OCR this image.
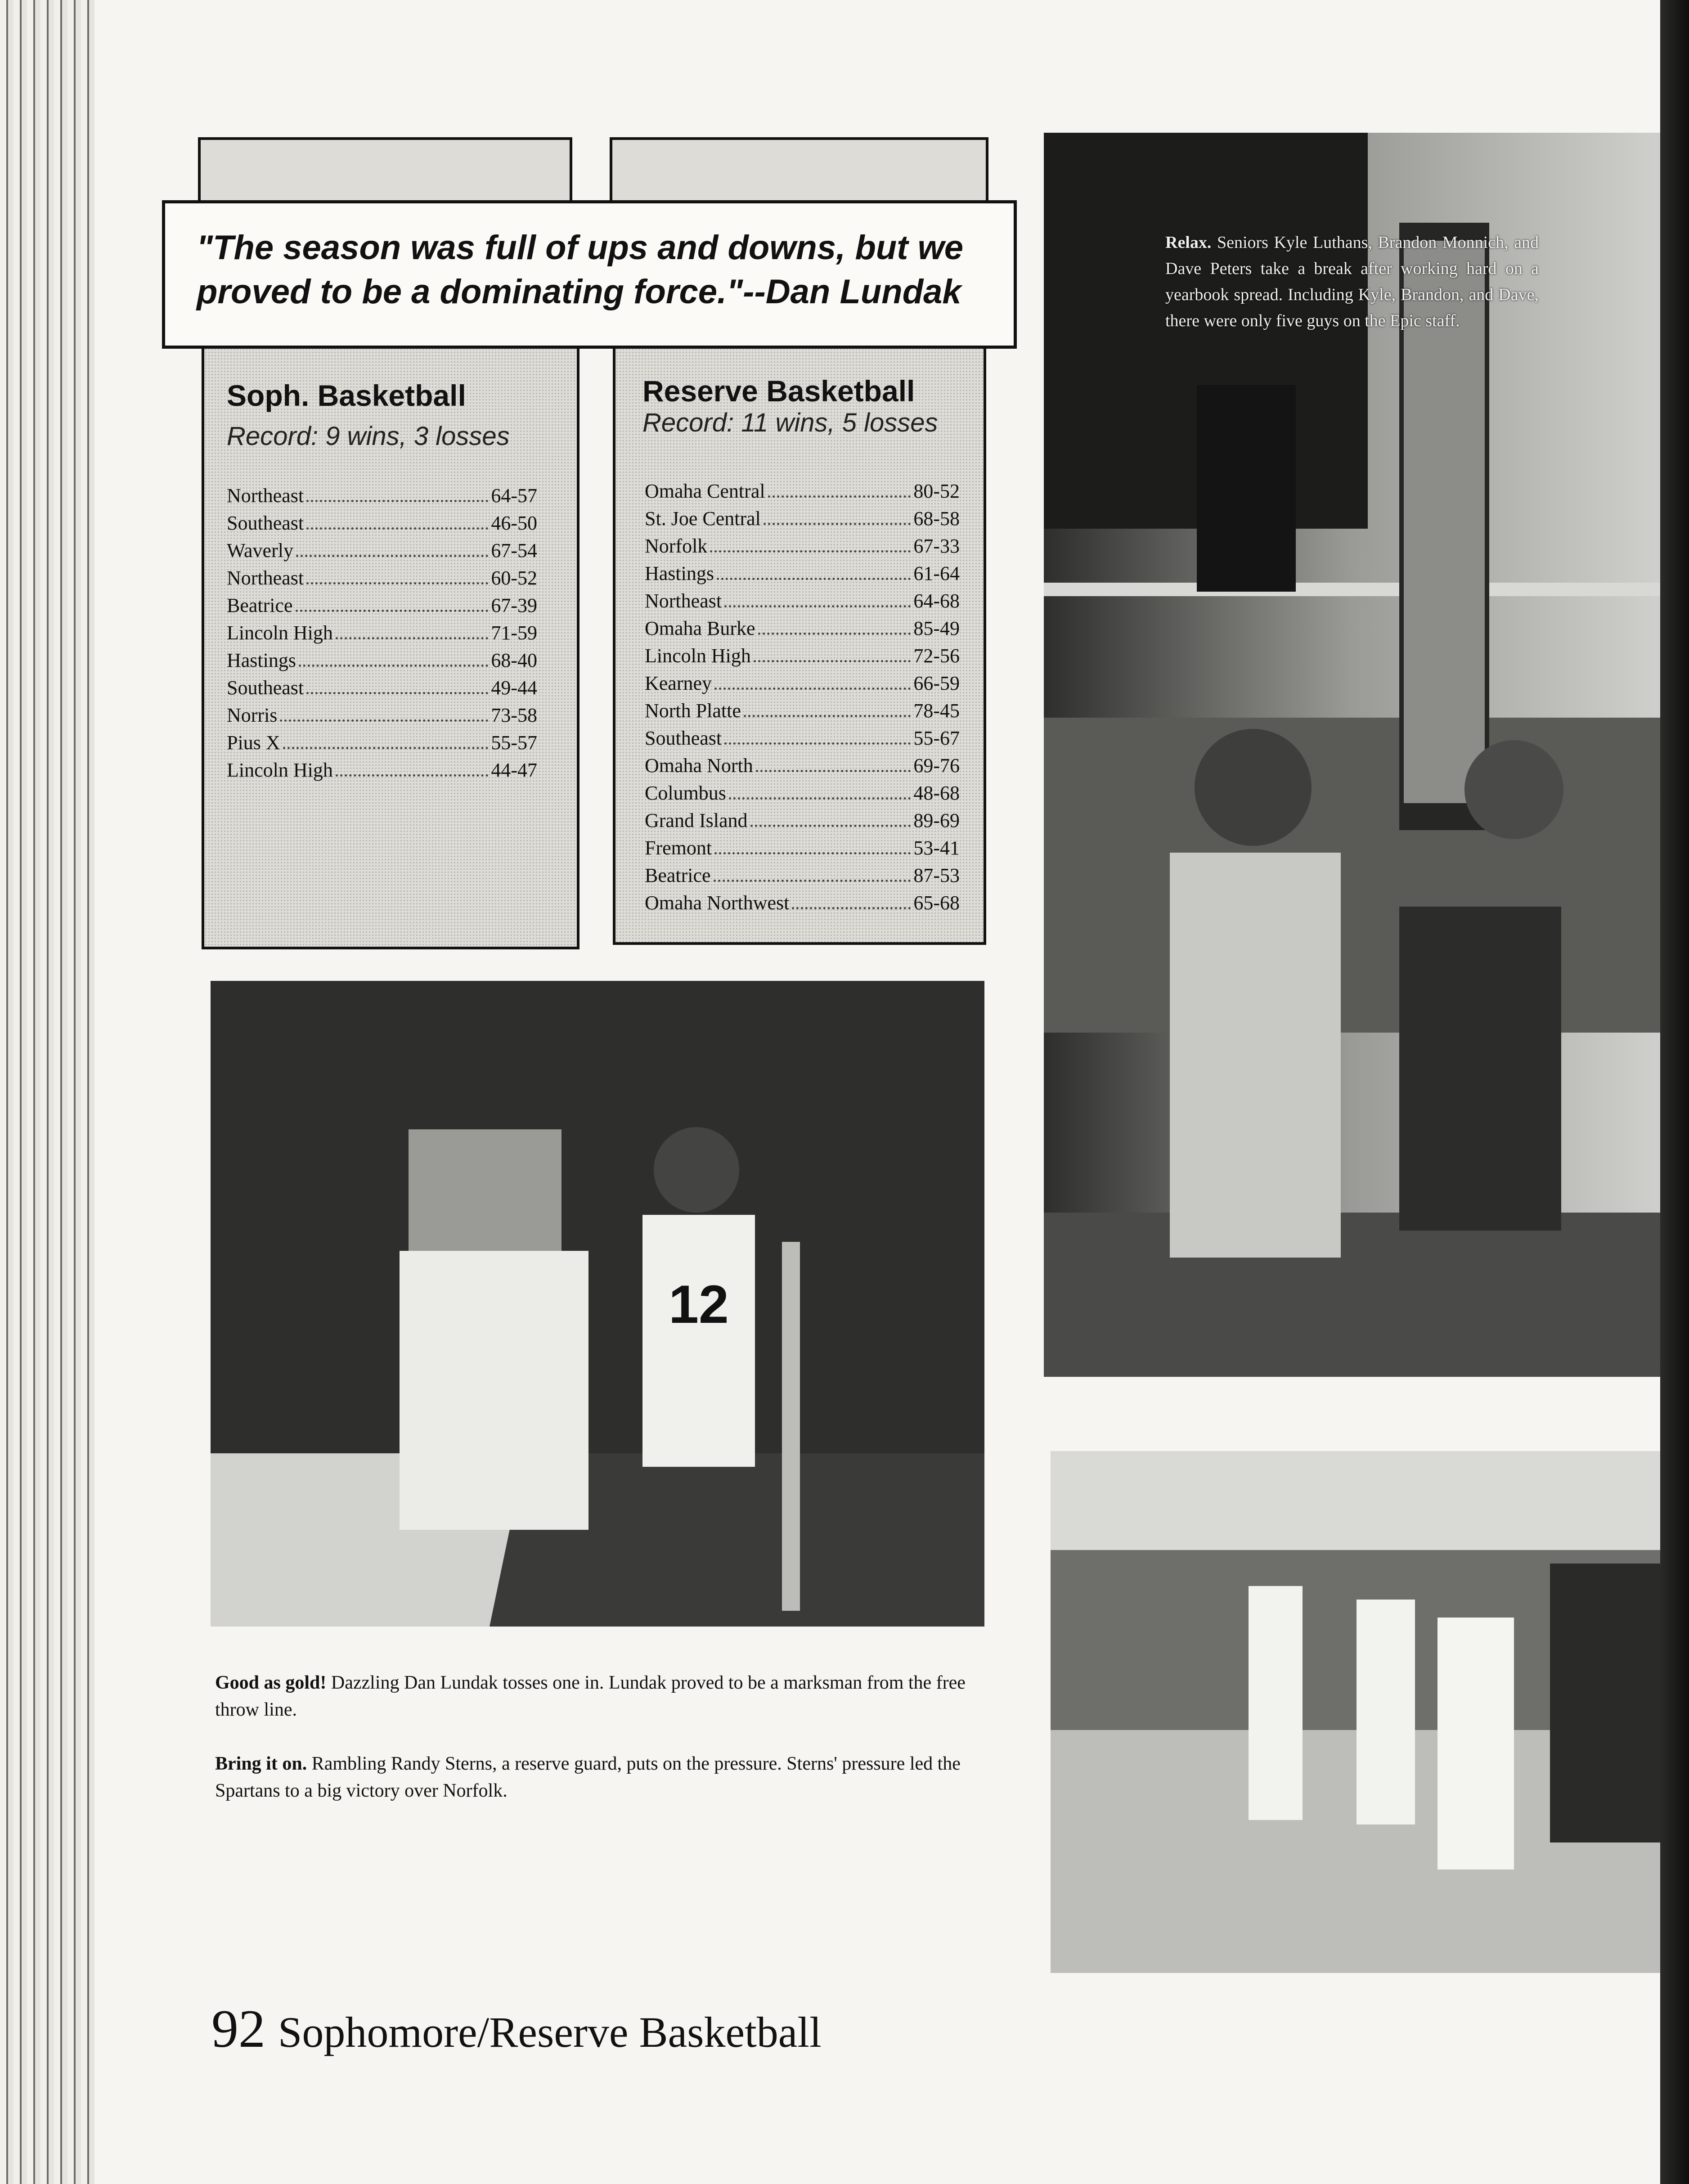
Soph. Basketball
Record: 9 wins, 3 losses
Northeast	64-57
Southeast	46-50
Waverly	67-54
Northeast	60-52
Beatrice	67-39
Lincoln High	71-59
Hastings	68-40
Southeast	49-44
Norris	73-58
Pius X	55-57
Lincoln High	44-47
Reserve Basketball
Record: 11 wins, 5 losses
Omaha Central	80-52
St. Joe Central	68-58
Norfolk	67-33
Hastings	61-64
Northeast	64-68
Omaha Burke	85-49
Lincoln High	72-56
Kearney	66-59
North Platte	78-45
Southeast	55-67
Omaha North	69-76
Columbus	48-68
Grand Island	89-69
Fremont	53-41
Beatrice	87-53
Omaha Northwest	65-68
"The season was full of ups and downs, but we proved to be a dominating force."--Dan Lundak
Relax. Seniors Kyle Luthans, Brandon Monnich, and Dave Peters take a break after working hard on a yearbook spread. Including Kyle, Brandon, and Dave, there were only five guys on the Epic staff.
12
Good as gold! Dazzling Dan Lundak tosses one in. Lundak proved to be a marksman from the free throw line.
Bring it on. Rambling Randy Sterns, a reserve guard, puts on the pressure. Sterns' pressure led the Spartans to a big victory over Norfolk.
92 Sophomore/Reserve Basketball
